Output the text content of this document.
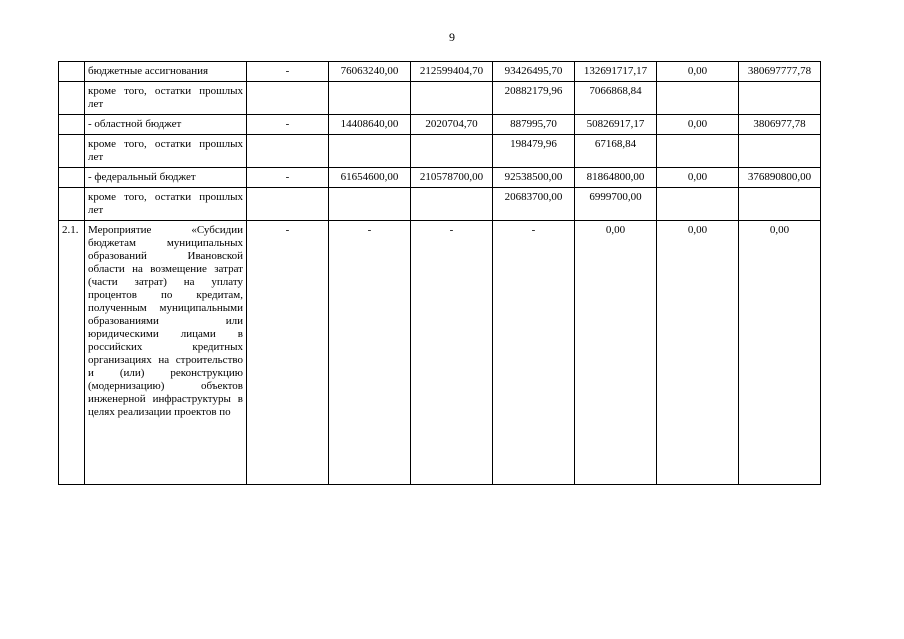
9
	бюджетные ассигнования	-	76063240,00	212599404,70	93426495,70	132691717,17	0,00	380697777,78
	кроме того, остатки прошлых лет				20882179,96	7066868,84		
	- областной бюджет	-	14408640,00	2020704,70	887995,70	50826917,17	0,00	3806977,78
	кроме того, остатки прошлых лет				198479,96	67168,84		
	- федеральный бюджет	-	61654600,00	210578700,00	92538500,00	81864800,00	0,00	376890800,00
	кроме того, остатки прошлых лет				20683700,00	6999700,00		
2.1.	Мероприятие «Субсидии бюджетам муниципальных образований Ивановской области на возмещение затрат (части затрат) на уплату процентов по кредитам, полученным муниципальными образованиями или юридическими лицами в российских кредитных организациях на строительство и (или) реконструкцию (модернизацию) объектов инженерной инфраструктуры в целях реализации проектов по	-	-	-	-	0,00	0,00	0,00
